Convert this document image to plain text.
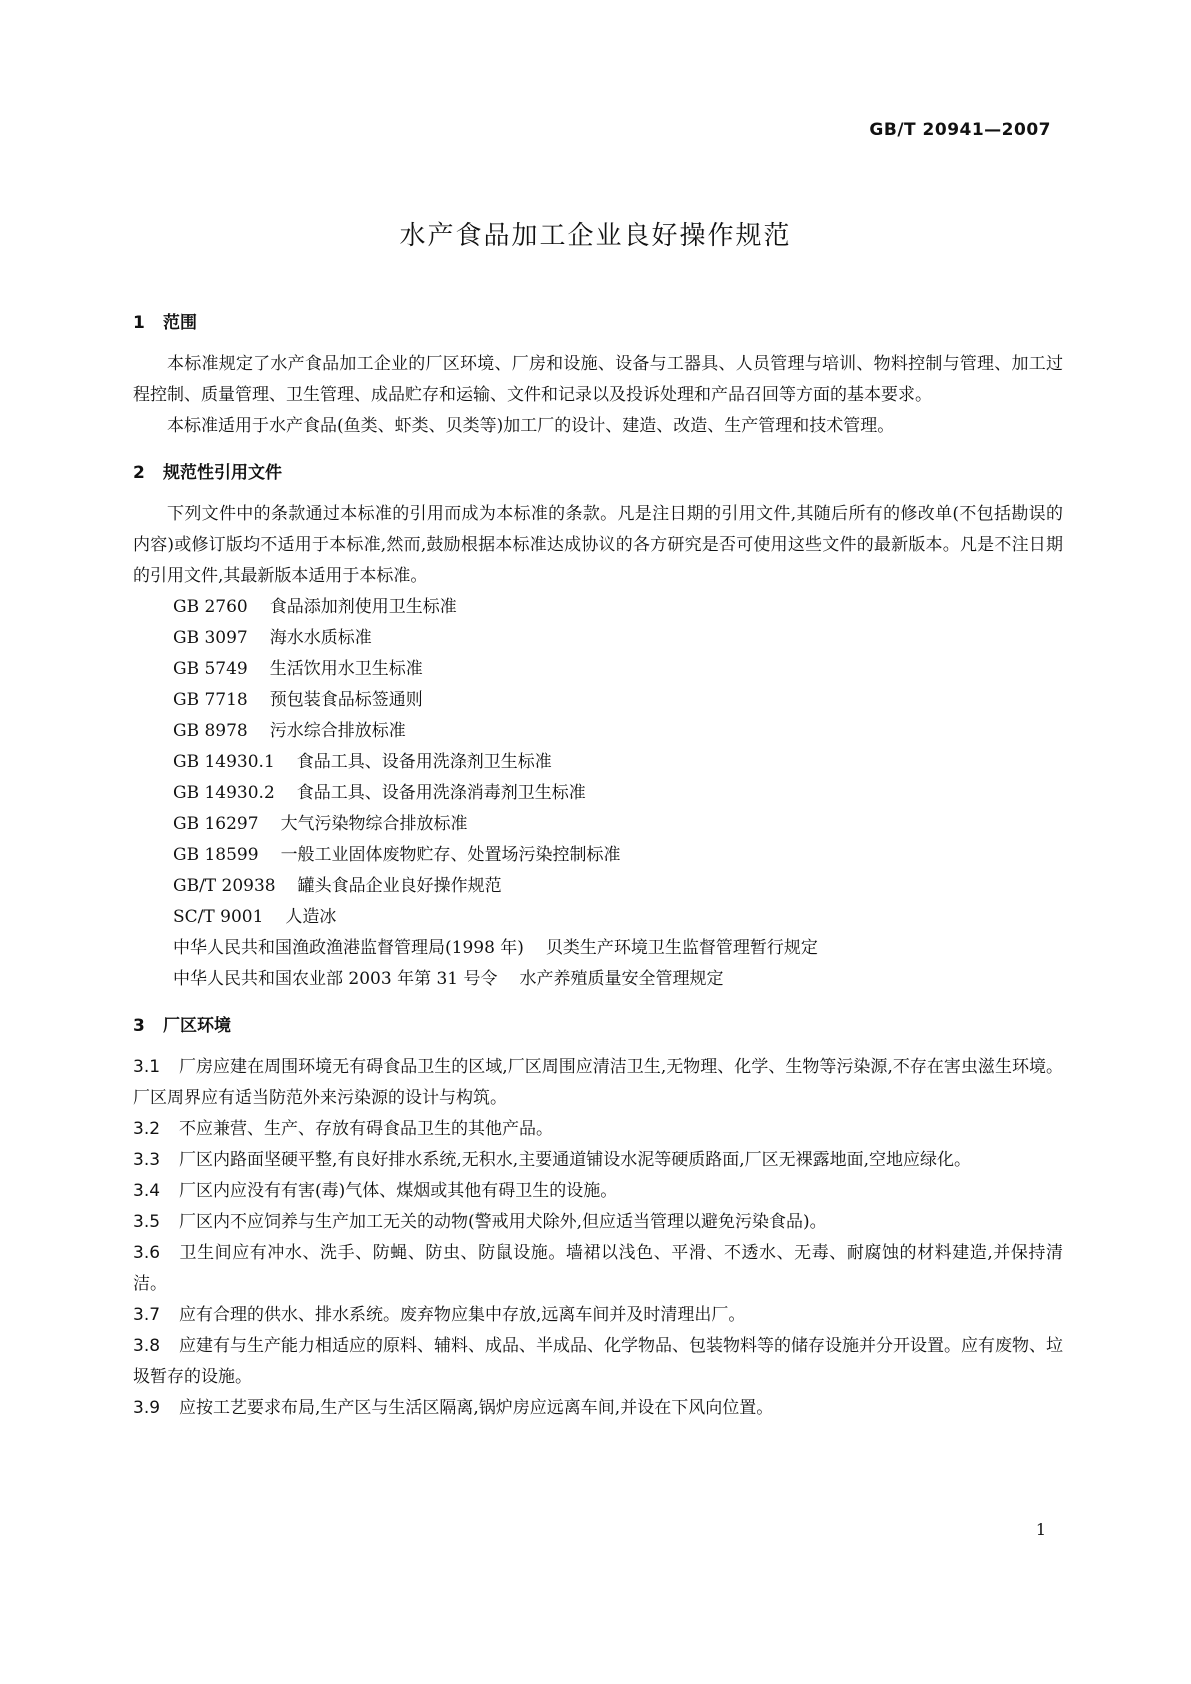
GB/T 20941—2007
水产食品加工企业良好操作规范
1 范围

本标准规定了水产食品加工企业的厂区环境、厂房和设施、设备与工器具、人员管理与培训、物料控制与管理、加工过程控制、质量管理、卫生管理、成品贮存和运输、文件和记录以及投诉处理和产品召回等方面的基本要求。

本标准适用于水产食品(鱼类、虾类、贝类等)加工厂的设计、建造、改造、生产管理和技术管理。

2 规范性引用文件

下列文件中的条款通过本标准的引用而成为本标准的条款。凡是注日期的引用文件,其随后所有的修改单(不包括勘误的内容)或修订版均不适用于本标准,然而,鼓励根据本标准达成协议的各方研究是否可使用这些文件的最新版本。凡是不注日期的引用文件,其最新版本适用于本标准。

GB 2760 食品添加剂使用卫生标准

GB 3097 海水水质标准

GB 5749 生活饮用水卫生标准

GB 7718 预包装食品标签通则

GB 8978 污水综合排放标准

GB 14930.1 食品工具、设备用洗涤剂卫生标准

GB 14930.2 食品工具、设备用洗涤消毒剂卫生标准

GB 16297 大气污染物综合排放标准

GB 18599 一般工业固体废物贮存、处置场污染控制标准

GB/T 20938 罐头食品企业良好操作规范

SC/T 9001 人造冰

中华人民共和国渔政渔港监督管理局(1998 年) 贝类生产环境卫生监督管理暂行规定

中华人民共和国农业部 2003 年第 31 号令 水产养殖质量安全管理规定

3 厂区环境

3.1 厂房应建在周围环境无有碍食品卫生的区域,厂区周围应清洁卫生,无物理、化学、生物等污染源,不存在害虫滋生环境。厂区周界应有适当防范外来污染源的设计与构筑。

3.2 不应兼营、生产、存放有碍食品卫生的其他产品。

3.3 厂区内路面坚硬平整,有良好排水系统,无积水,主要通道铺设水泥等硬质路面,厂区无裸露地面,空地应绿化。

3.4 厂区内应没有有害(毒)气体、煤烟或其他有碍卫生的设施。

3.5 厂区内不应饲养与生产加工无关的动物(警戒用犬除外,但应适当管理以避免污染食品)。

3.6 卫生间应有冲水、洗手、防蝇、防虫、防鼠设施。墙裙以浅色、平滑、不透水、无毒、耐腐蚀的材料建造,并保持清洁。

3.7 应有合理的供水、排水系统。废弃物应集中存放,远离车间并及时清理出厂。

3.8 应建有与生产能力相适应的原料、辅料、成品、半成品、化学物品、包装物料等的储存设施并分开设置。应有废物、垃圾暂存的设施。

3.9 应按工艺要求布局,生产区与生活区隔离,锅炉房应远离车间,并设在下风向位置。

1
